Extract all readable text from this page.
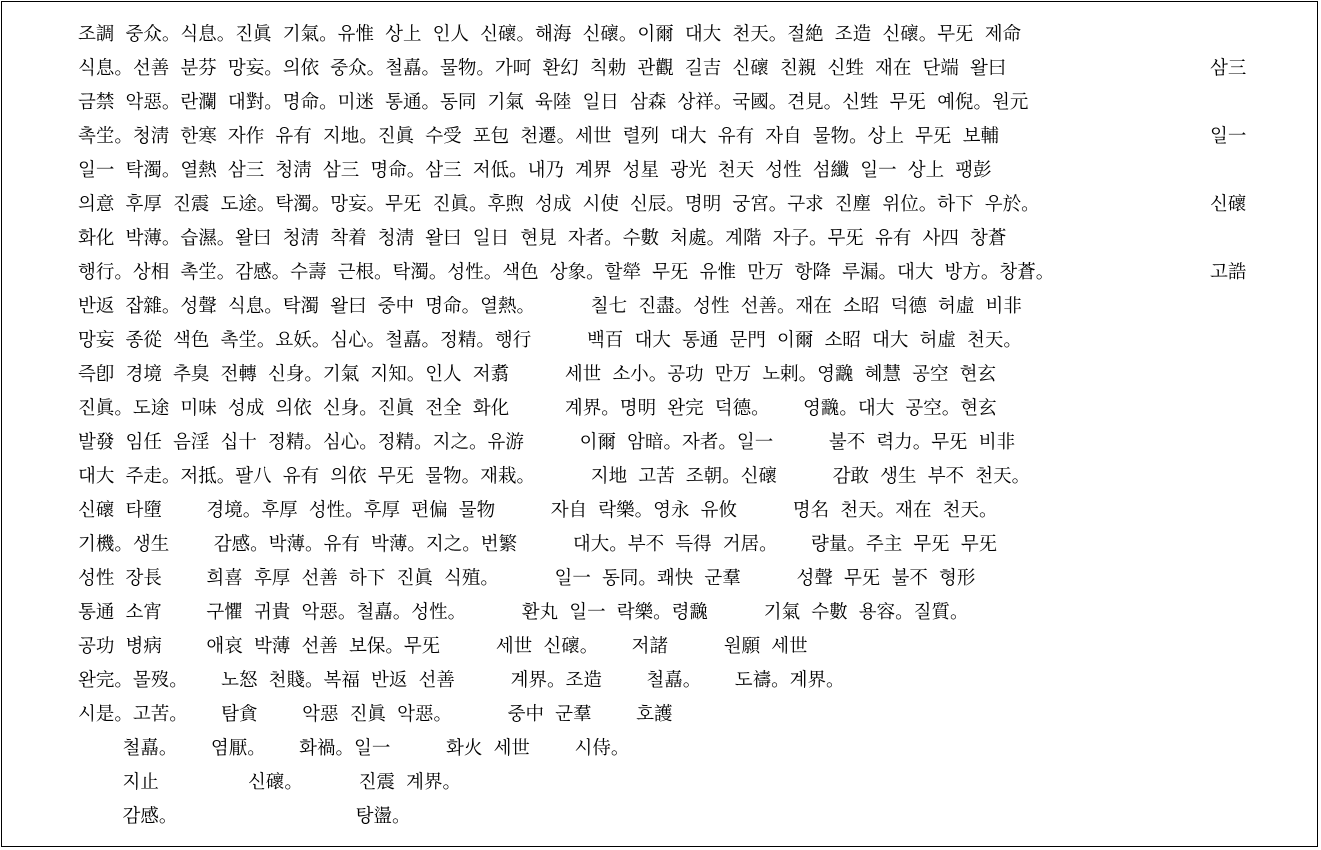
조調 중众。식息。진眞 기氣。유惟 상上 인人 신䃶。해海 신䃶。이爾 대大 천天。절絶 조造 신䃶。무旡 제命
식息。선善 분芬 망妄。의依 중众。철嚞。물物。가呵 환幻 칙勅 관觀 길吉 신䃶 친親 신甡 재在 단端 왈曰
금禁 악惡。란瀾 대對。명命。미迷 통通。동同 기氣 육陸 일日 삼森 상祥。국國。견見。신甡 무旡 예倪。원元
촉坣。청淸 한寒 자作 유有 지地。진眞 수受 포包 천遷。세世 렬列 대大 유有 자自 물物。상上 무旡 보輔
일一 탁濁。열熱 삼三 청淸 삼三 명命。삼三 저低。내乃 계界 성星 광光 천天 성性 섬纖 일一 상上 팽彭
의意 후厚 진震 도途。탁濁。망妄。무旡 진眞。후煦 성成 시使 신辰。명明 궁宮。구求 진塵 위位。하下 우於。
화化 박薄。습濕。왈曰 청淸 착着 청淸 왈曰 일日 현見 자者。수數 처處。계階 자子。무旡 유有 사四 창蒼
행行。상相 촉坣。감感。수壽 근根。탁濁。성性。색色 상象。할犖 무旡 유惟 만万 항降 루漏。대大 방方。창蒼。
반返 잡雜。성聲 식息。탁濁 왈曰 중中 명命。열熱。     칠七 진盡。성性 선善。재在 소昭 덕德 허虛 비非
망妄 종從 색色 촉坣。요妖。심心。철嚞。정精。행行     백百 대大 통通 문門 이爾 소昭 대大 허虛 천天。
즉卽 경境 추臭 전轉 신身。기氣 지知。인人 저翥     세世 소小。공功 만万 노剌。영䨲 혜慧 공空 현玄
진眞。도途 미味 성成 의依 신身。진眞 전全 화化     계界。명明 완完 덕德。   영䨲。대大 공空。현玄
발發 임任 음淫 십十 정精。심心。정精。지之。유游     이爾 암暗。자者。일一     불不 력力。무旡 비非
대大 주走。저抵。팔八 유有 의依 무旡 물物。재栽。     지地 고苦 조朝。신䃶     감敢 생生 부不 천天。
신䃶 타墮    경境。후厚 성性。후厚 편偏 물物     자自 락樂。영永 유攸     명名 천天。재在 천天。
기機。생生    감感。박薄。유有 박薄。지之。번繁     대大。부不 득得 거居。   량量。주主 무旡 무旡
성性 장長    희喜 후厚 선善 하下 진眞 식殖。     일一 동同。쾌快 군羣     성聲 무旡 불不 형形
통通 소宵    구懼 귀貴 악惡。철嚞。성性。     환丸 일一 락樂。령䨲     기氣 수數 용容。질質。
공功 병病    애哀 박薄 선善 보保。무旡     세世 신䃶。   저諸     원願 세世
완完。몰歿。   노怒 천賤。복福 반返 선善     계界。조造    철嚞。   도禱。계界。
시是。고苦。   탐貪    악惡 진眞 악惡。     중中 군羣    호護
철嚞。   염厭。   화禍。일一     화火 세世    시侍。
지止        신䃶。     진震 계界。
감感。                탕盪。
삼三
일一
신䃶
고誥
